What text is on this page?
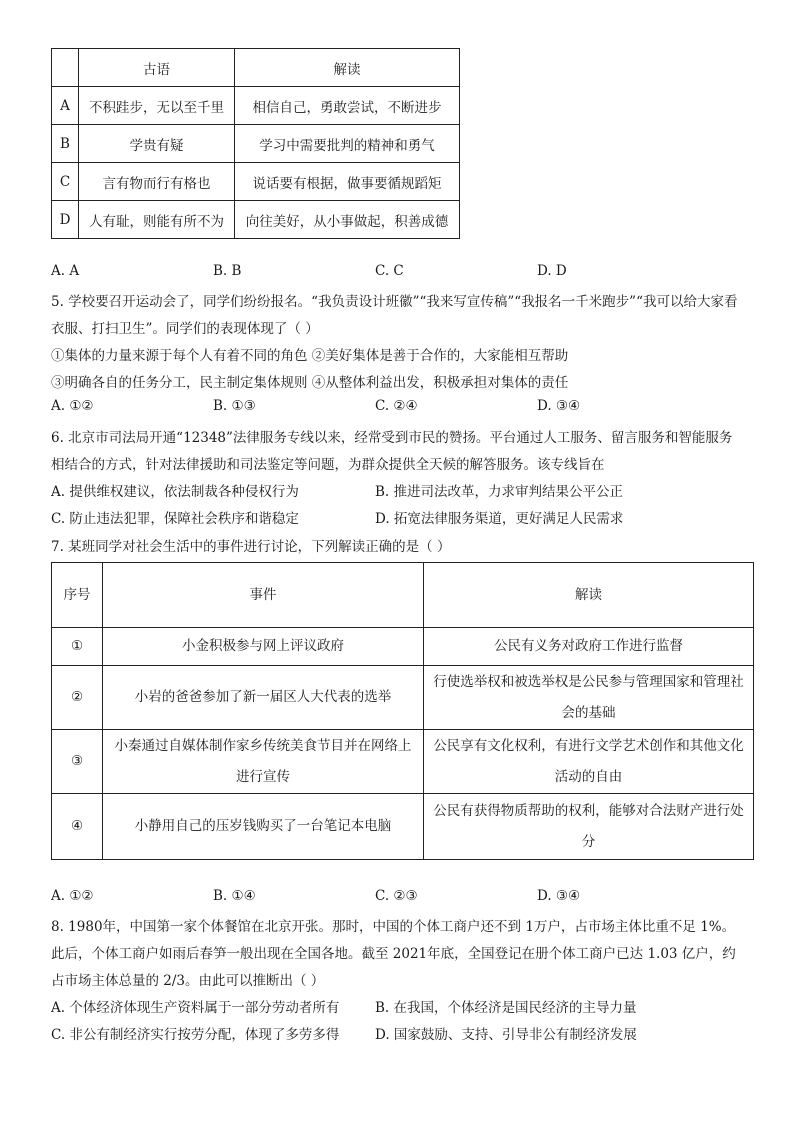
	古语	解读
A	不积跬步，无以至千里	相信自己，勇敢尝试，不断进步
B	学贵有疑	学习中需要批判的精神和勇气
C	言有物而行有格也	说话要有根据，做事要循规蹈矩
D	人有耻，则能有所不为	向往美好，从小事做起，积善成德
A. A	B. B	C. C	D. D
5. 学校要召开运动会了，同学们纷纷报名。“我负责设计班徽”“我来写宣传稿”“我报名一千米跑步”“我可以给大家看
衣服、打扫卫生”。同学们的表现体现了（ ）
①集体的力量来源于每个人有着不同的角色 ②美好集体是善于合作的，大家能相互帮助
③明确各自的任务分工，民主制定集体规则 ④从整体利益出发，积极承担对集体的责任
A. ①②	B. ①③	C. ②④	D. ③④
6. 北京市司法局开通“12348”法律服务专线以来，经常受到市民的赞扬。平台通过人工服务、留言服务和智能服务
相结合的方式，针对法律援助和司法鉴定等问题，为群众提供全天候的解答服务。该专线旨在
A. 提供维权建议，依法制裁各种侵权行为	B. 推进司法改革，力求审判结果公平公正
C. 防止违法犯罪，保障社会秩序和谐稳定	D. 拓宽法律服务渠道，更好满足人民需求
7. 某班同学对社会生活中的事件进行讨论，下列解读正确的是（ ）
序号	事件	解读
①	小金积极参与网上评议政府	公民有义务对政府工作进行监督
②	小岩的爸爸参加了新一届区人大代表的选举	行使选举权和被选举权是公民参与管理国家和管理社会的基础
③	小秦通过自媒体制作家乡传统美食节目并在网络上进行宣传	公民享有文化权利，有进行文学艺术创作和其他文化活动的自由
④	小静用自己的压岁钱购买了一台笔记本电脑	公民有获得物质帮助的权利，能够对合法财产进行处分
A. ①②	B. ①④	C. ②③	D. ③④
8. 1980年，中国第一家个体餐馆在北京开张。那时，中国的个体工商户还不到 1万户，占市场主体比重不足 1%。
此后，个体工商户如雨后春笋一般出现在全国各地。截至 2021年底，全国登记在册个体工商户已达 1.03 亿户，约
占市场主体总量的 2/3。由此可以推断出（ ）
A. 个体经济体现生产资料属于一部分劳动者所有	B. 在我国，个体经济是国民经济的主导力量
C. 非公有制经济实行按劳分配，体现了多劳多得	D. 国家鼓励、支持、引导非公有制经济发展
